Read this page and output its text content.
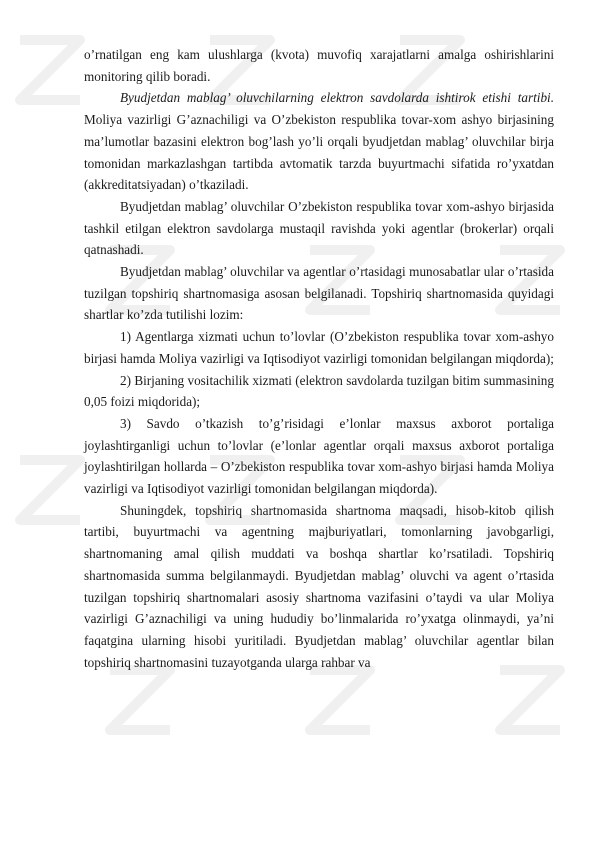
o’rnatilgan eng kam ulushlarga (kvota) muvofiq xarajatlarni amalga oshirishlarini monitoring qilib boradi.

Byudjetdan mablag’ oluvchilarning elektron savdolarda ishtirok etishi tartibi. Moliya vazirligi G’aznachiligi va O’zbekiston respublika tovar-xom ashyo birjasining ma’lumotlar bazasini elektron bog’lash yo’li orqali byudjetdan mablag’ oluvchilar birja tomonidan markazlashgan tartibda avtomatik tarzda buyurtmachi sifatida ro’yxatdan (akkreditatsiyadan) o’tkaziladi.

Byudjetdan mablag’ oluvchilar O’zbekiston respublika tovar xom-ashyo birjasida tashkil etilgan elektron savdolarga mustaqil ravishda yoki agentlar (brokerlar) orqali qatnashadi.

Byudjetdan mablag’ oluvchilar va agentlar o’rtasidagi munosabatlar ular o’rtasida tuzilgan topshiriq shartnomasiga asosan belgilanadi. Topshiriq shartnomasida quyidagi shartlar ko’zda tutilishi lozim:

1) Agentlarga xizmati uchun to’lovlar (O’zbekiston respublika tovar xom-ashyo birjasi hamda Moliya vazirligi va Iqtisodiyot vazirligi tomonidan belgilangan miqdorda);

2) Birjaning vositachilik xizmati (elektron savdolarda tuzilgan bitim summasining 0,05 foizi miqdorida);

3) Savdo o’tkazish to’g’risidagi e’lonlar maxsus axborot portaliga joylashtirganligi uchun to’lovlar (e’lonlar agentlar orqali maxsus axborot portaliga joylashtirilgan hollarda – O’zbekiston respublika tovar xom-ashyo birjasi hamda Moliya vazirligi va Iqtisodiyot vazirligi tomonidan belgilangan miqdorda).

Shuningdek, topshiriq shartnomasida shartnoma maqsadi, hisob-kitob qilish tartibi, buyurtmachi va agentning majburiyatlari, tomonlarning javobgarligi, shartnomaning amal qilish muddati va boshqa shartlar ko’rsatiladi. Topshiriq shartnomasida summa belgilanmaydi. Byudjetdan mablag’ oluvchi va agent o’rtasida tuzilgan topshiriq shartnomalari asosiy shartnoma vazifasini o’taydi va ular Moliya vazirligi G’aznachiligi va uning hududiy bo’linmalarida ro’yxatga olinmaydi, ya’ni faqatgina ularning hisobi yuritiladi. Byudjetdan mablag’ oluvchilar agentlar bilan topshiriq shartnomasini tuzayotganda ularga rahbar va
